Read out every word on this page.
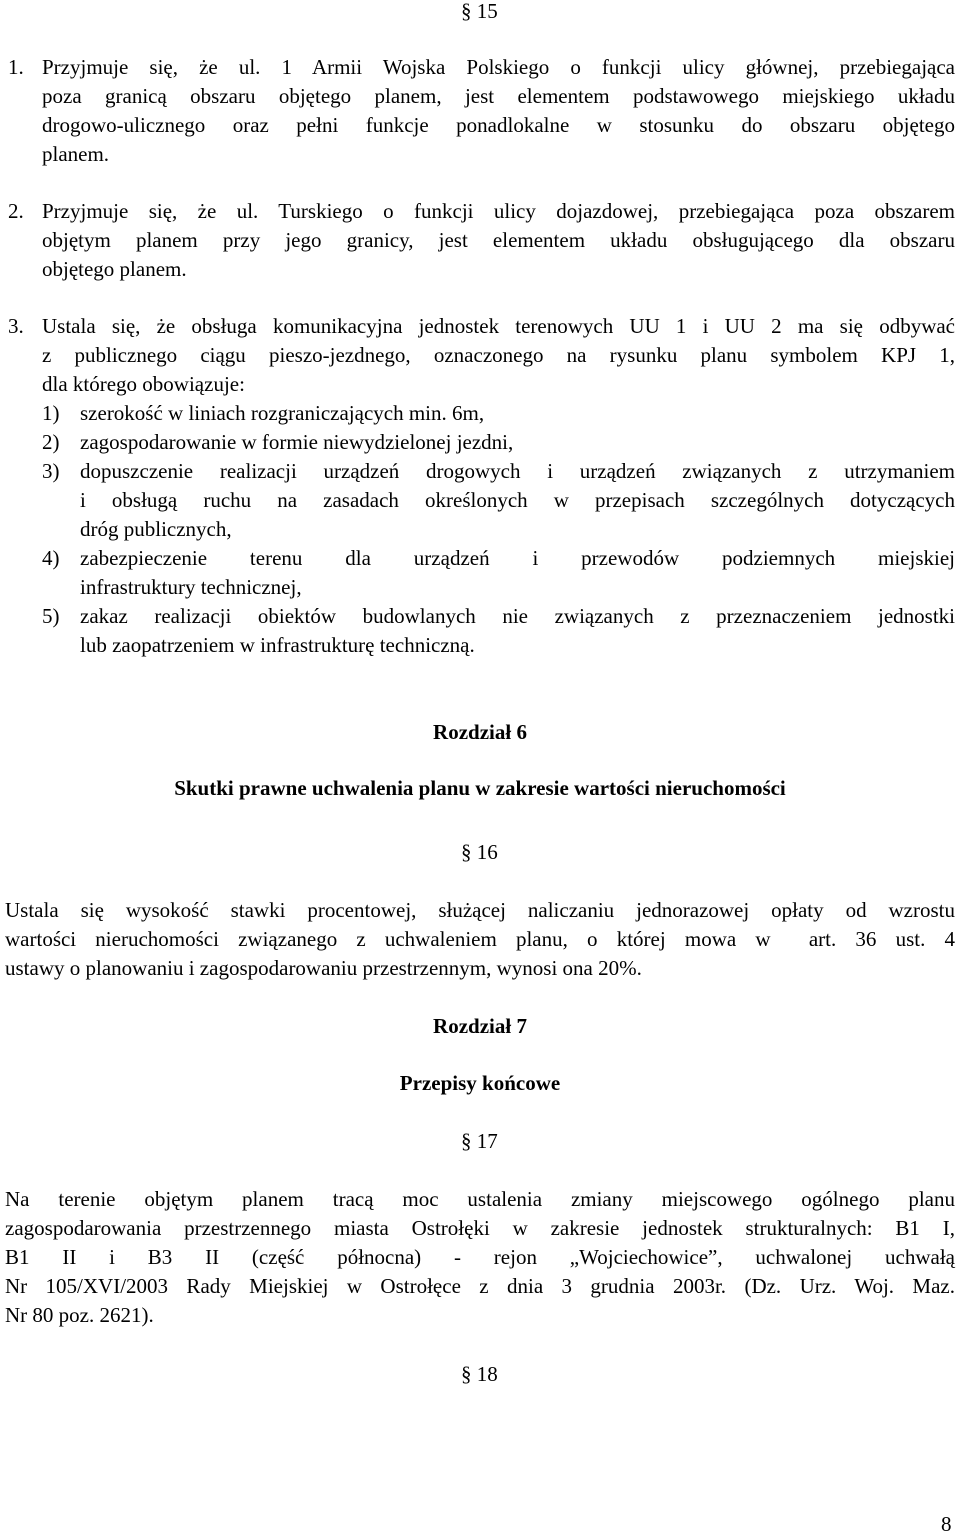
§ 15
1. Przyjmuje się, że ul. 1 Armii Wojska Polskiego o funkcji ulicy głównej, przebiegająca
poza granicą obszaru objętego planem, jest elementem podstawowego miejskiego układu
drogowo-ulicznego oraz pełni funkcje ponadlokalne w stosunku do obszaru objętego
planem.
2. Przyjmuje się, że ul. Turskiego o funkcji ulicy dojazdowej, przebiegająca poza obszarem
objętym planem przy jego granicy, jest elementem układu obsługującego dla obszaru
objętego planem.
3. Ustala się, że obsługa komunikacyjna jednostek terenowych UU 1 i UU 2 ma się odbywać
z publicznego ciągu pieszo-jezdnego, oznaczonego na rysunku planu symbolem KPJ 1,
dla którego obowiązuje:
1) szerokość w liniach rozgraniczających min. 6m,
2) zagospodarowanie w formie niewydzielonej jezdni,
3) dopuszczenie realizacji urządzeń drogowych i urządzeń związanych z utrzymaniem
i obsługą ruchu na zasadach określonych w przepisach szczególnych dotyczących
dróg publicznych,
4) zabezpieczenie terenu dla urządzeń i przewodów podziemnych miejskiej
infrastruktury technicznej,
5) zakaz realizacji obiektów budowlanych nie związanych z przeznaczeniem jednostki
lub zaopatrzeniem w infrastrukturę techniczną.
Rozdział 6
Skutki prawne uchwalenia planu w zakresie wartości nieruchomości
§ 16
Ustala się wysokość stawki procentowej, służącej naliczaniu jednorazowej opłaty od wzrostu
wartości nieruchomości związanego z uchwaleniem planu, o której mowa w  art. 36 ust. 4
ustawy o planowaniu i zagospodarowaniu przestrzennym, wynosi ona 20%.
Rozdział 7
Przepisy końcowe
§ 17
Na terenie objętym planem tracą moc ustalenia zmiany miejscowego ogólnego planu
zagospodarowania przestrzennego miasta Ostrołęki w zakresie jednostek strukturalnych: B1 I,
B1 II i B3 II (część północna) - rejon „Wojciechowice”, uchwalonej uchwałą
Nr 105/XVI/2003 Rady Miejskiej w Ostrołęce z dnia 3 grudnia 2003r. (Dz. Urz. Woj. Maz.
Nr 80 poz. 2621).
§ 18
8
